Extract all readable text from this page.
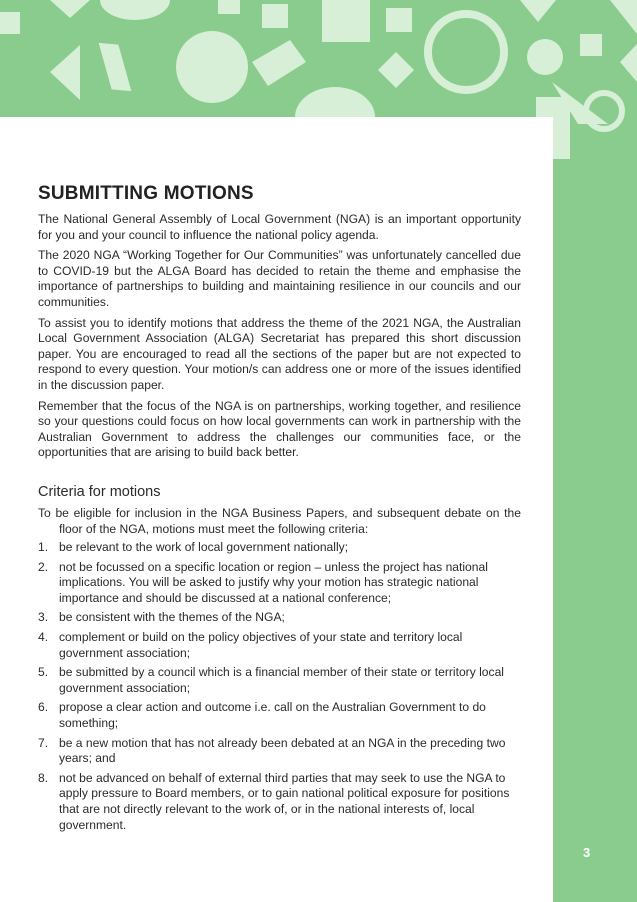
SUBMITTING MOTIONS

The National General Assembly of Local Government (NGA) is an important opportunity for you and your council to influence the national policy agenda.

The 2020 NGA “Working Together for Our Communities” was unfortunately cancelled due to COVID-19 but the ALGA Board has decided to retain the theme and emphasise the importance of partnerships to building and maintaining resilience in our councils and our communities.

To assist you to identify motions that address the theme of the 2021 NGA, the Australian Local Government Association (ALGA) Secretariat has prepared this short discussion paper. You are encouraged to read all the sections of the paper but are not expected to respond to every question. Your motion/s can address one or more of the issues identified in the discussion paper.

Remember that the focus of the NGA is on partnerships, working together, and resilience so your questions could focus on how local governments can work in partnership with the Australian Government to address the challenges our communities face, or the opportunities that are arising to build back better.

Criteria for motions

To be eligible for inclusion in the NGA Business Papers, and subsequent debate on the floor of the NGA, motions must meet the following criteria:

1. be relevant to the work of local government nationally;
2. not be focussed on a specific location or region – unless the project has national implications. You will be asked to justify why your motion has strategic national importance and should be discussed at a national conference;
3. be consistent with the themes of the NGA;
4. complement or build on the policy objectives of your state and territory local government association;
5. be submitted by a council which is a financial member of their state or territory local government association;
6. propose a clear action and outcome i.e. call on the Australian Government to do something;
7. be a new motion that has not already been debated at an NGA in the preceding two years; and
8. not be advanced on behalf of external third parties that may seek to use the NGA to apply pressure to Board members, or to gain national political exposure for positions that are not directly relevant to the work of, or in the national interests of, local government.
3
